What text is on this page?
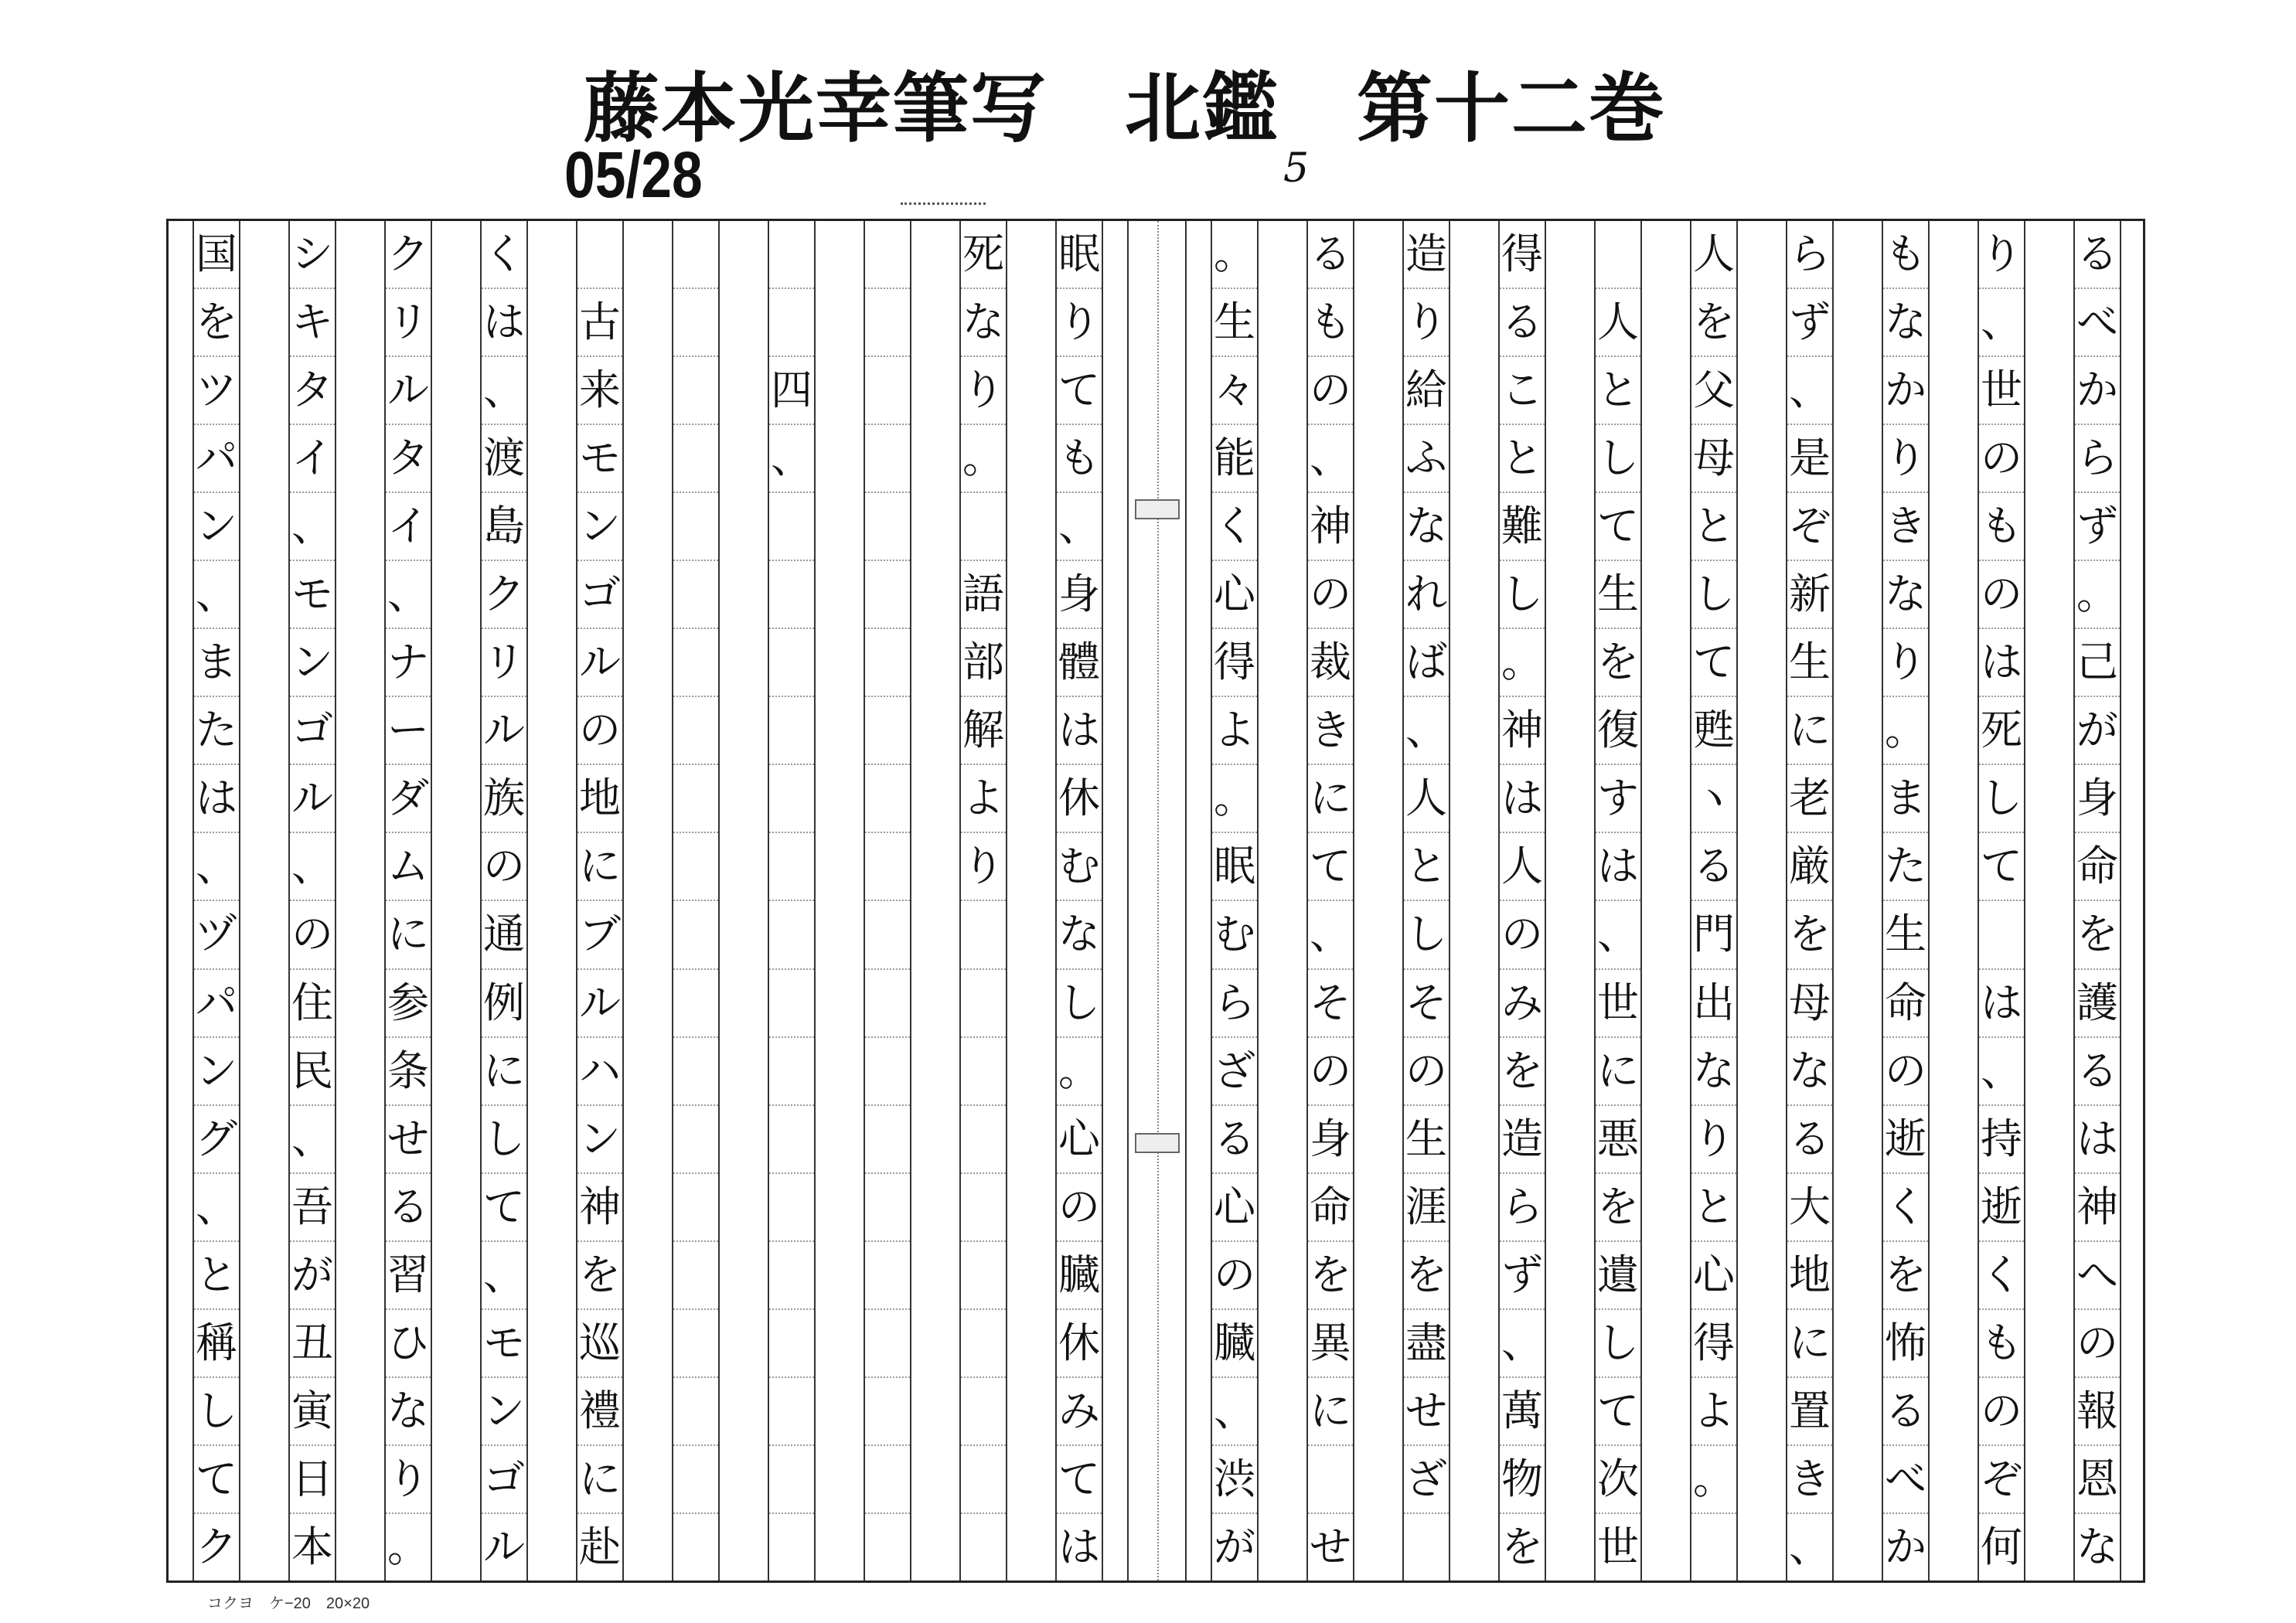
藤本光幸筆写　北鑑　第十二巻
05/28	5
眠
り
て
も
、
身
體
は
休
む
な
し
。
心
の
臓
休
み
て
は
死
な
り
。
語
部
解
よ
り
四
、
古
来
モ
ン
ゴ
ル
の
地
に
ブ
ル
ハ
ン
神
を
巡
禮
に
赴
く
は
、
渡
島
ク
リ
ル
族
の
通
例
に
し
て
、
モ
ン
ゴ
ル
ク
リ
ル
タ
イ
、
ナ
ー
ダ
ム
に
参
条
せ
る
習
ひ
な
り
。
シ
キ
タ
イ
、
モ
ン
ゴ
ル
、
の
住
民
、
吾
が
丑
寅
日
本
国
を
ツ
パ
ン
、
ま
た
は
、
ヅ
パ
ン
グ
、
と
稱
し
て
ク
る
べ
か
ら
ず
。
己
が
身
命
を
護
る
は
神
へ
の
報
恩
な
り
、
世
の
も
の
は
死
し
て
は
、
持
逝
く
も
の
ぞ
何
も
な
か
り
き
な
り
。
ま
た
生
命
の
逝
く
を
怖
る
べ
か
ら
ず
、
是
ぞ
新
生
に
老
厳
を
母
な
る
大
地
に
置
き
、
人
を
父
母
と
し
て
甦
ヽ
る
門
出
な
り
と
心
得
よ
。
人
と
し
て
生
を
復
す
は
、
世
に
悪
を
遺
し
て
次
世
得
る
こ
と
難
し
。
神
は
人
の
み
を
造
ら
ず
、
萬
物
を
造
り
給
ふ
な
れ
ば
、
人
と
し
そ
の
生
涯
を
盡
せ
ざ
る
も
の
、
神
の
裁
き
に
て
、
そ
の
身
命
を
異
に
せ
。
生
々
能
く
心
得
よ
。
眠
む
ら
ざ
る
心
の
臓
、
渋
が
コクヨ　ケ−20　20×20
